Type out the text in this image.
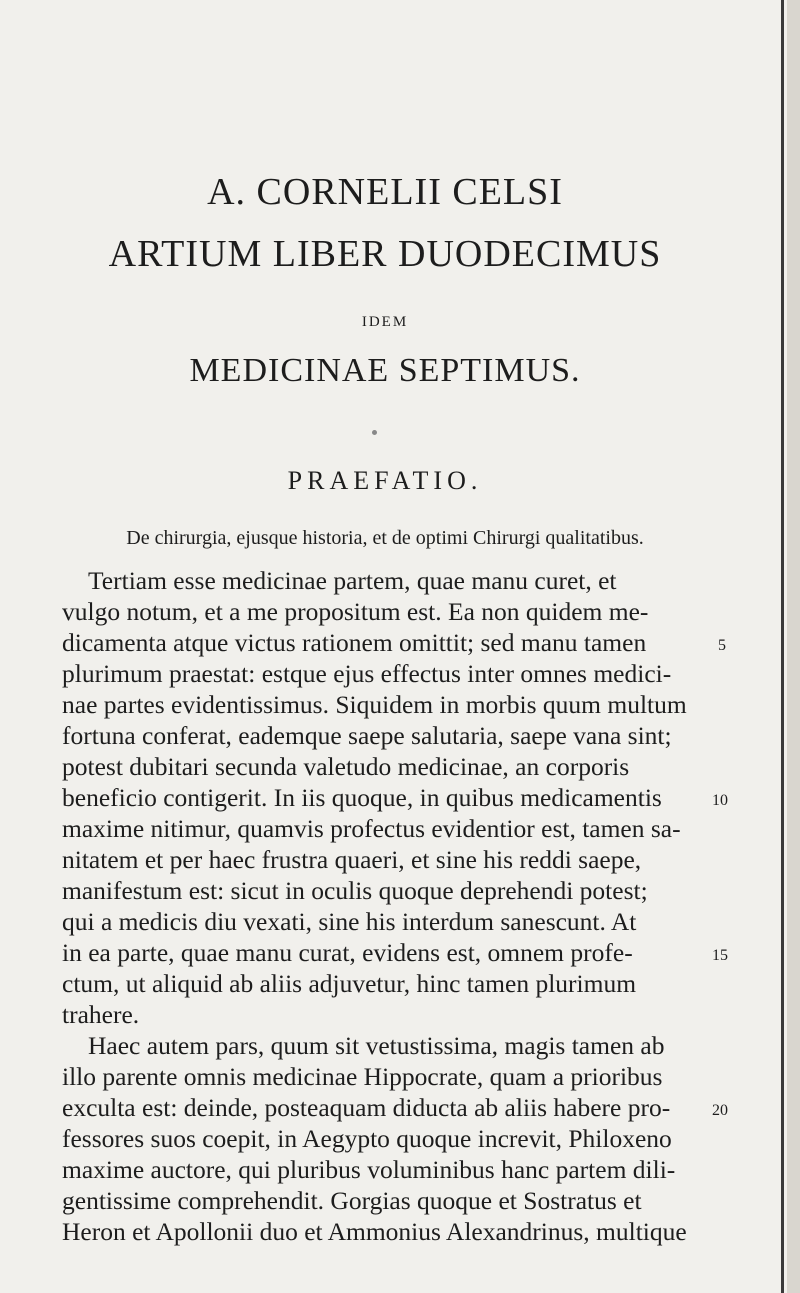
A. CORNELII CELSI
ARTIUM LIBER DUODECIMUS
IDEM
MEDICINAE SEPTIMUS.
PRAEFATIO.
De chirurgia, ejusque historia, et de optimi Chirurgi qualitatibus.
Tertiam esse medicinae partem, quae manu curet, et
vulgo notum, et a me propositum est. Ea non quidem me-
dicamenta atque victus rationem omittit; sed manu tamen
plurimum praestat: estque ejus effectus inter omnes medici-
nae partes evidentissimus. Siquidem in morbis quum multum
fortuna conferat, eademque saepe salutaria, saepe vana sint;
potest dubitari secunda valetudo medicinae, an corporis
beneficio contigerit. In iis quoque, in quibus medicamentis
maxime nitimur, quamvis profectus evidentior est, tamen sa-
nitatem et per haec frustra quaeri, et sine his reddi saepe,
manifestum est: sicut in oculis quoque deprehendi potest;
qui a medicis diu vexati, sine his interdum sanescunt. At
in ea parte, quae manu curat, evidens est, omnem profe-
ctum, ut aliquid ab aliis adjuvetur, hinc tamen plurimum
trahere.
Haec autem pars, quum sit vetustissima, magis tamen ab
illo parente omnis medicinae Hippocrate, quam a prioribus
exculta est: deinde, posteaquam diducta ab aliis habere pro-
fessores suos coepit, in Aegypto quoque increvit, Philoxeno
maxime auctore, qui pluribus voluminibus hanc partem dili-
gentissime comprehendit. Gorgias quoque et Sostratus et
Heron et Apollonii duo et Ammonius Alexandrinus, multique
5
10
15
20
